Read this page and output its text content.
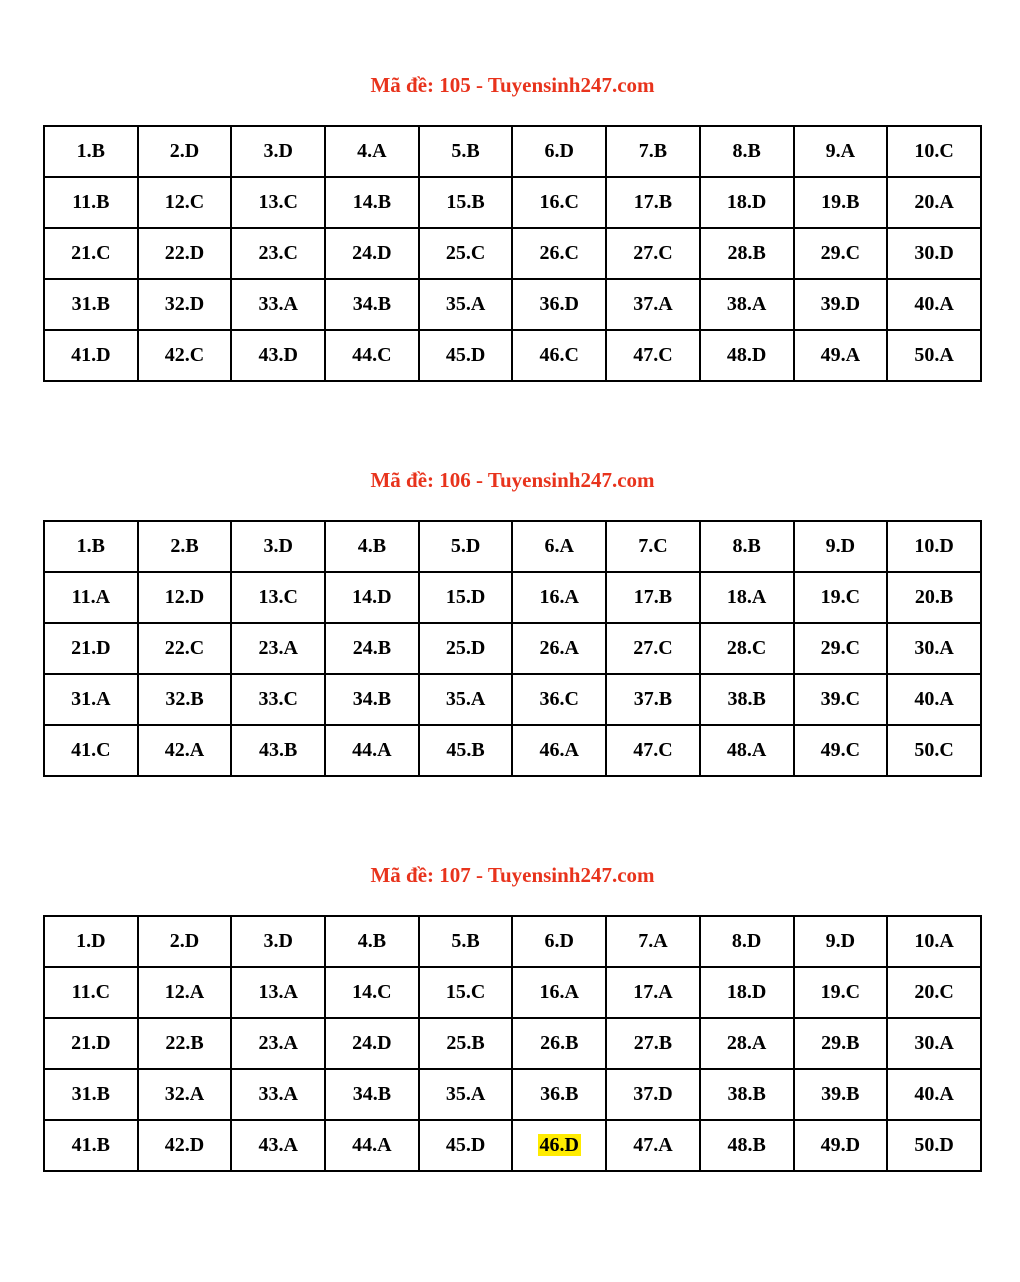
Mã đề: 105 - Tuyensinh247.com
1.B	2.D	3.D	4.A	5.B	6.D	7.B	8.B	9.A	10.C
11.B	12.C	13.C	14.B	15.B	16.C	17.B	18.D	19.B	20.A
21.C	22.D	23.C	24.D	25.C	26.C	27.C	28.B	29.C	30.D
31.B	32.D	33.A	34.B	35.A	36.D	37.A	38.A	39.D	40.A
41.D	42.C	43.D	44.C	45.D	46.C	47.C	48.D	49.A	50.A
Mã đề: 106 - Tuyensinh247.com
1.B	2.B	3.D	4.B	5.D	6.A	7.C	8.B	9.D	10.D
11.A	12.D	13.C	14.D	15.D	16.A	17.B	18.A	19.C	20.B
21.D	22.C	23.A	24.B	25.D	26.A	27.C	28.C	29.C	30.A
31.A	32.B	33.C	34.B	35.A	36.C	37.B	38.B	39.C	40.A
41.C	42.A	43.B	44.A	45.B	46.A	47.C	48.A	49.C	50.C
Mã đề: 107 - Tuyensinh247.com
1.D	2.D	3.D	4.B	5.B	6.D	7.A	8.D	9.D	10.A
11.C	12.A	13.A	14.C	15.C	16.A	17.A	18.D	19.C	20.C
21.D	22.B	23.A	24.D	25.B	26.B	27.B	28.A	29.B	30.A
31.B	32.A	33.A	34.B	35.A	36.B	37.D	38.B	39.B	40.A
41.B	42.D	43.A	44.A	45.D	46.D	47.A	48.B	49.D	50.D
